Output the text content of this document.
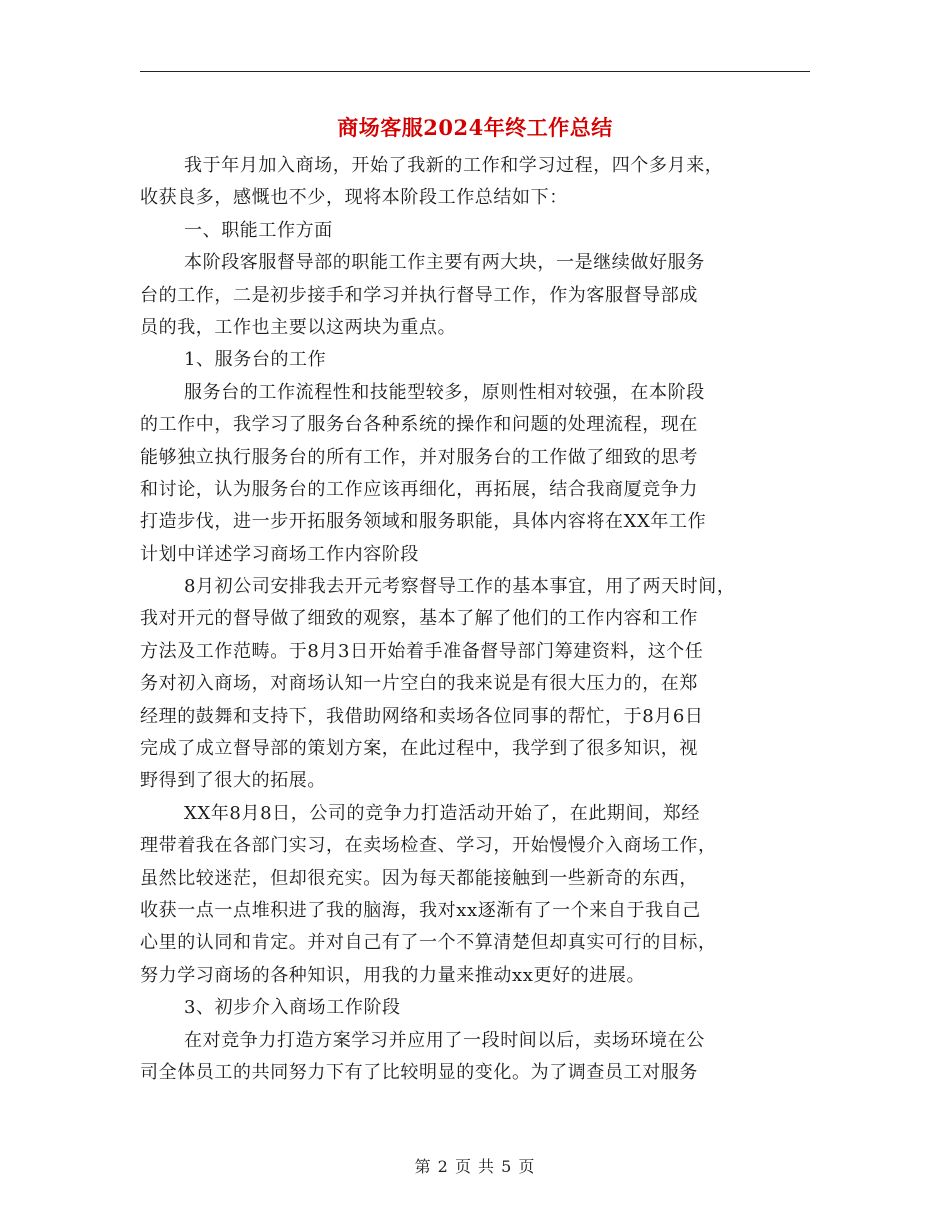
商场客服2024年终工作总结
我于年月加入商场，开始了我新的工作和学习过程，四个多月来，
收获良多，感慨也不少，现将本阶段工作总结如下：
一、职能工作方面
本阶段客服督导部的职能工作主要有两大块，一是继续做好服务
台的工作，二是初步接手和学习并执行督导工作，作为客服督导部成
员的我，工作也主要以这两块为重点。
1、服务台的工作
服务台的工作流程性和技能型较多，原则性相对较强，在本阶段
的工作中，我学习了服务台各种系统的操作和问题的处理流程，现在
能够独立执行服务台的所有工作，并对服务台的工作做了细致的思考
和讨论，认为服务台的工作应该再细化，再拓展，结合我商厦竞争力
打造步伐，进一步开拓服务领域和服务职能，具体内容将在XX年工作
计划中详述学习商场工作内容阶段
8月初公司安排我去开元考察督导工作的基本事宜，用了两天时间，
我对开元的督导做了细致的观察，基本了解了他们的工作内容和工作
方法及工作范畴。于8月3日开始着手准备督导部门筹建资料，这个任
务对初入商场，对商场认知一片空白的我来说是有很大压力的，在郑
经理的鼓舞和支持下，我借助网络和卖场各位同事的帮忙，于8月6日
完成了成立督导部的策划方案，在此过程中，我学到了很多知识，视
野得到了很大的拓展。
XX年8月8日，公司的竞争力打造活动开始了，在此期间，郑经
理带着我在各部门实习，在卖场检查、学习，开始慢慢介入商场工作，
虽然比较迷茫，但却很充实。因为每天都能接触到一些新奇的东西，
收获一点一点堆积进了我的脑海，我对xx逐渐有了一个来自于我自己
心里的认同和肯定。并对自己有了一个不算清楚但却真实可行的目标，
努力学习商场的各种知识，用我的力量来推动xx更好的进展。
3、初步介入商场工作阶段
在对竞争力打造方案学习并应用了一段时间以后，卖场环境在公
司全体员工的共同努力下有了比较明显的变化。为了调查员工对服务
第 2 页 共 5 页
